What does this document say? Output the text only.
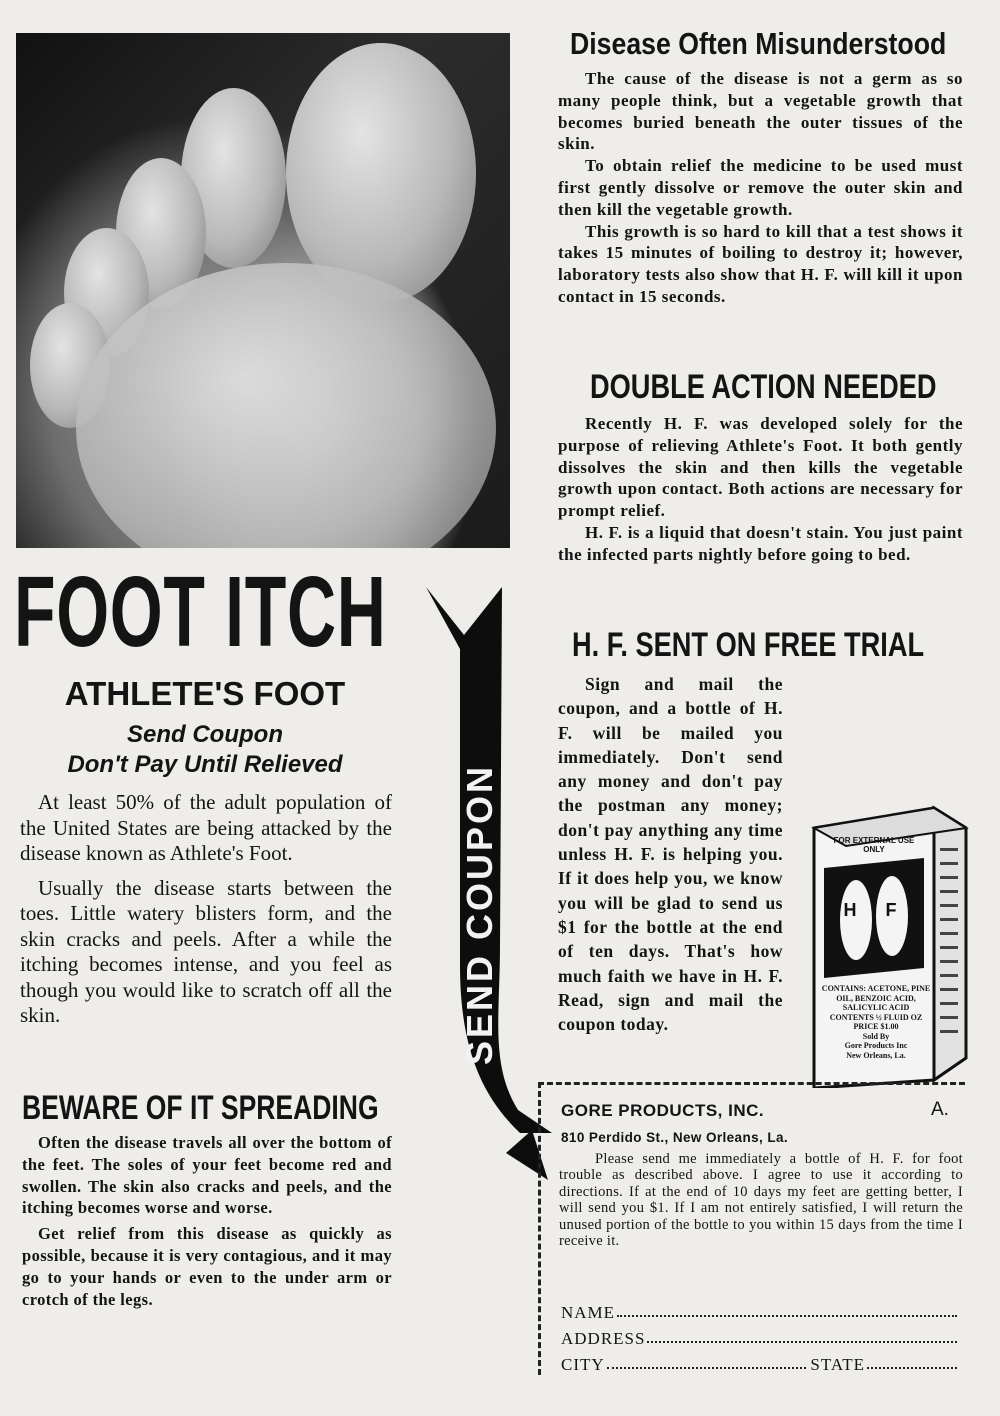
FOOT ITCH
ATHLETE'S FOOT
Send Coupon
Don't Pay Until Relieved

At least 50% of the adult population of the United States are being attacked by the disease known as Athlete's Foot.

Usually the disease starts between the toes. Little watery blisters form, and the skin cracks and peels. After a while the itching becomes intense, and you feel as though you would like to scratch off all the skin.

BEWARE OF IT SPREADING

Often the disease travels all over the bottom of the feet. The soles of your feet become red and swollen. The skin also cracks and peels, and the itching becomes worse and worse.

Get relief from this disease as quickly as possible, because it is very contagious, and it may go to your hands or even to the under arm or crotch of the legs.

SEND COUPON
Disease Often Misunderstood

The cause of the disease is not a germ as so many people think, but a vegetable growth that becomes buried beneath the outer tissues of the skin.

To obtain relief the medicine to be used must first gently dissolve or remove the outer skin and then kill the vegetable growth.

This growth is so hard to kill that a test shows it takes 15 minutes of boiling to destroy it; however, laboratory tests also show that H. F. will kill it upon contact in 15 seconds.

DOUBLE ACTION NEEDED

Recently H. F. was developed solely for the purpose of relieving Athlete's Foot. It both gently dissolves the skin and then kills the vegetable growth upon contact. Both actions are necessary for prompt relief.

H. F. is a liquid that doesn't stain. You just paint the infected parts nightly before going to bed.

H. F. SENT ON FREE TRIAL

Sign and mail the coupon, and a bottle of H. F. will be mailed you immediately. Don't send any money and don't pay the postman any money; don't pay anything any time unless H. F. is helping you. If it does help you, we know you will be glad to send us $1 for the bottle at the end of ten days. That's how much faith we have in H. F. Read, sign and mail the coupon today.

FOR EXTERNAL USE ONLY
H F
CONTAINS: ACETONE, PINE OIL, BENZOIC ACID, SALICYLIC ACID
CONTENTS ½ FLUID OZ
PRICE $1.00
Sold By
Gore Products Inc
New Orleans, La.
GORE PRODUCTS, INC.	A.
810 Perdido St., New Orleans, La.

Please send me immediately a bottle of H. F. for foot trouble as described above. I agree to use it according to directions. If at the end of 10 days my feet are getting better, I will send you $1. If I am not entirely satisfied, I will return the unused portion of the bottle to you within 15 days from the time I receive it.

NAME
ADDRESS
CITY	STATE
